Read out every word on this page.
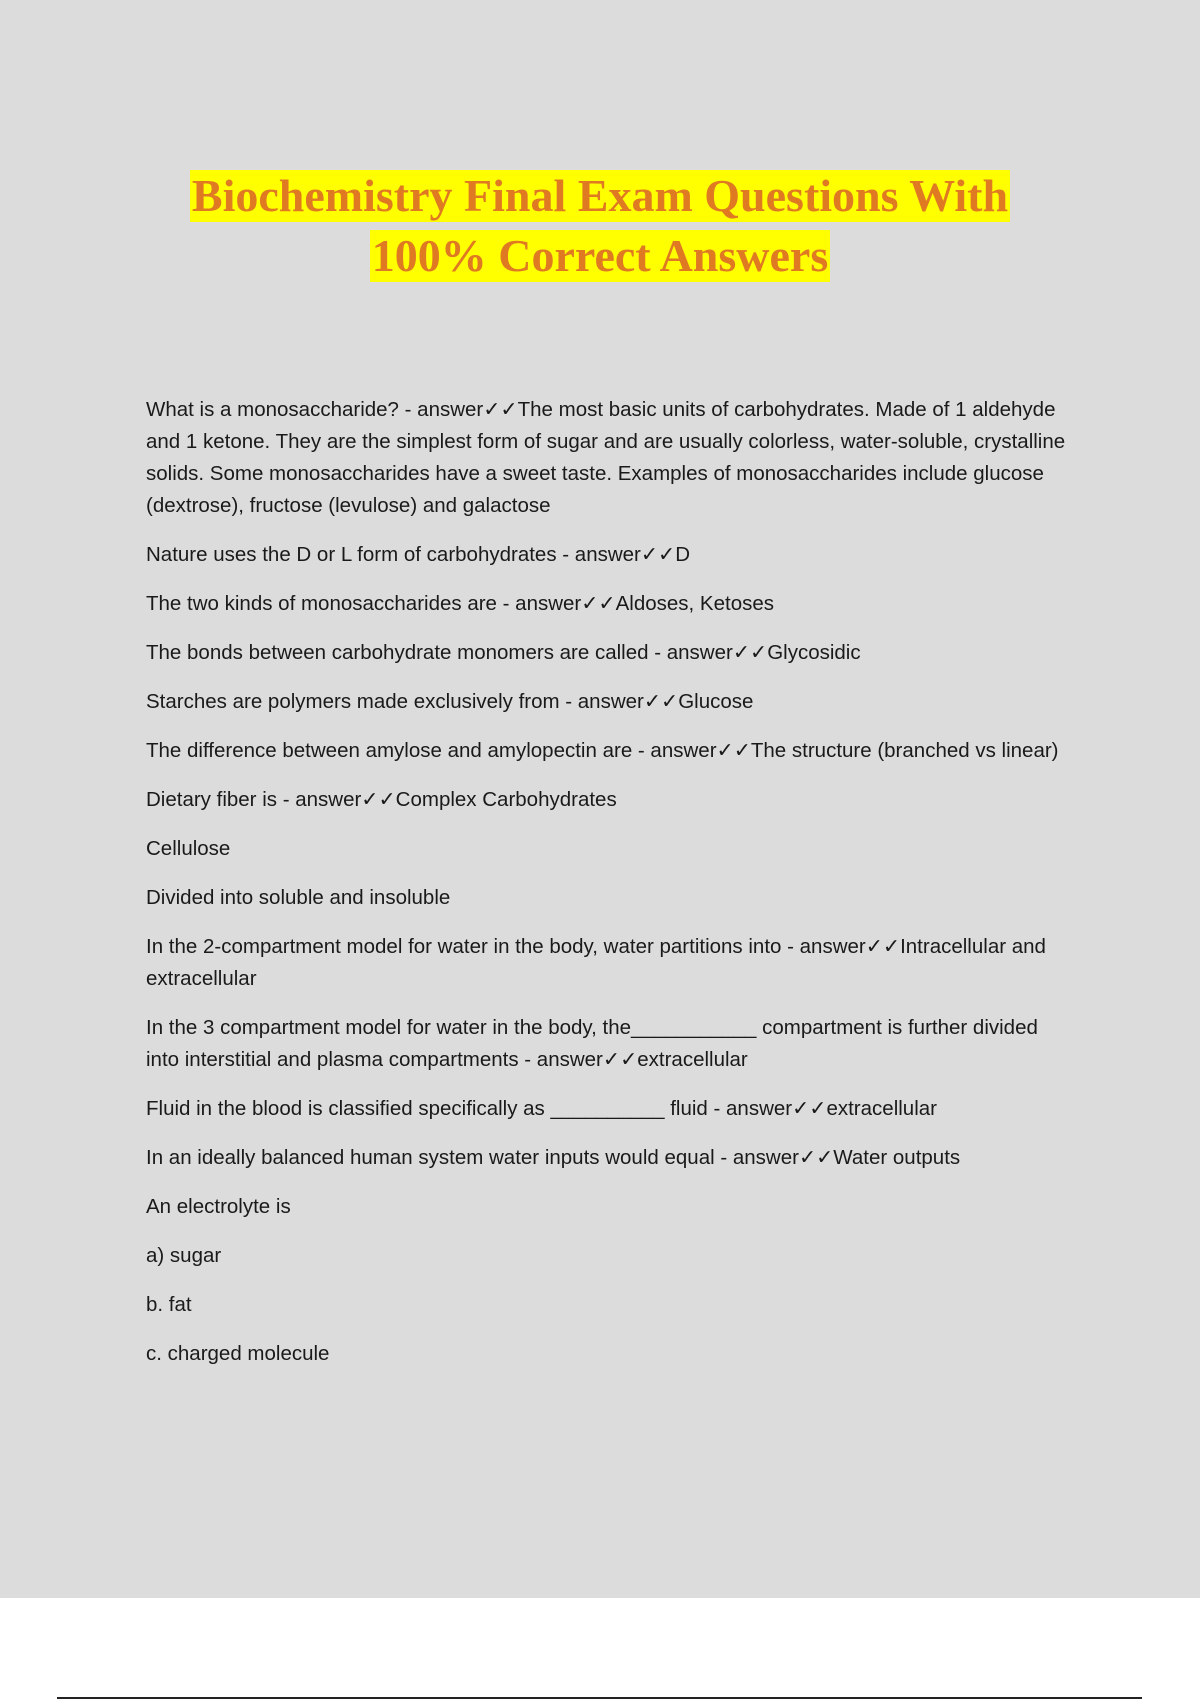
Biochemistry Final Exam Questions With
100% Correct Answers

What is a monosaccharide? - answer✓✓The most basic units of carbohydrates. Made of 1 aldehyde and 1 ketone. They are the simplest form of sugar and are usually colorless, water-soluble, crystalline solids. Some monosaccharides have a sweet taste. Examples of monosaccharides include glucose (dextrose), fructose (levulose) and galactose

Nature uses the D or L form of carbohydrates - answer✓✓D

The two kinds of monosaccharides are - answer✓✓Aldoses, Ketoses

The bonds between carbohydrate monomers are called - answer✓✓Glycosidic

Starches are polymers made exclusively from - answer✓✓Glucose

The difference between amylose and amylopectin are - answer✓✓The structure (branched vs linear)

Dietary fiber is - answer✓✓Complex Carbohydrates

Cellulose

Divided into soluble and insoluble

In the 2-compartment model for water in the body, water partitions into - answer✓✓Intracellular and extracellular

In the 3 compartment model for water in the body, the___________ compartment is further divided into interstitial and plasma compartments - answer✓✓extracellular

Fluid in the blood is classified specifically as __________ fluid - answer✓✓extracellular

In an ideally balanced human system water inputs would equal - answer✓✓Water outputs

An electrolyte is

a) sugar

b. fat

c. charged molecule
